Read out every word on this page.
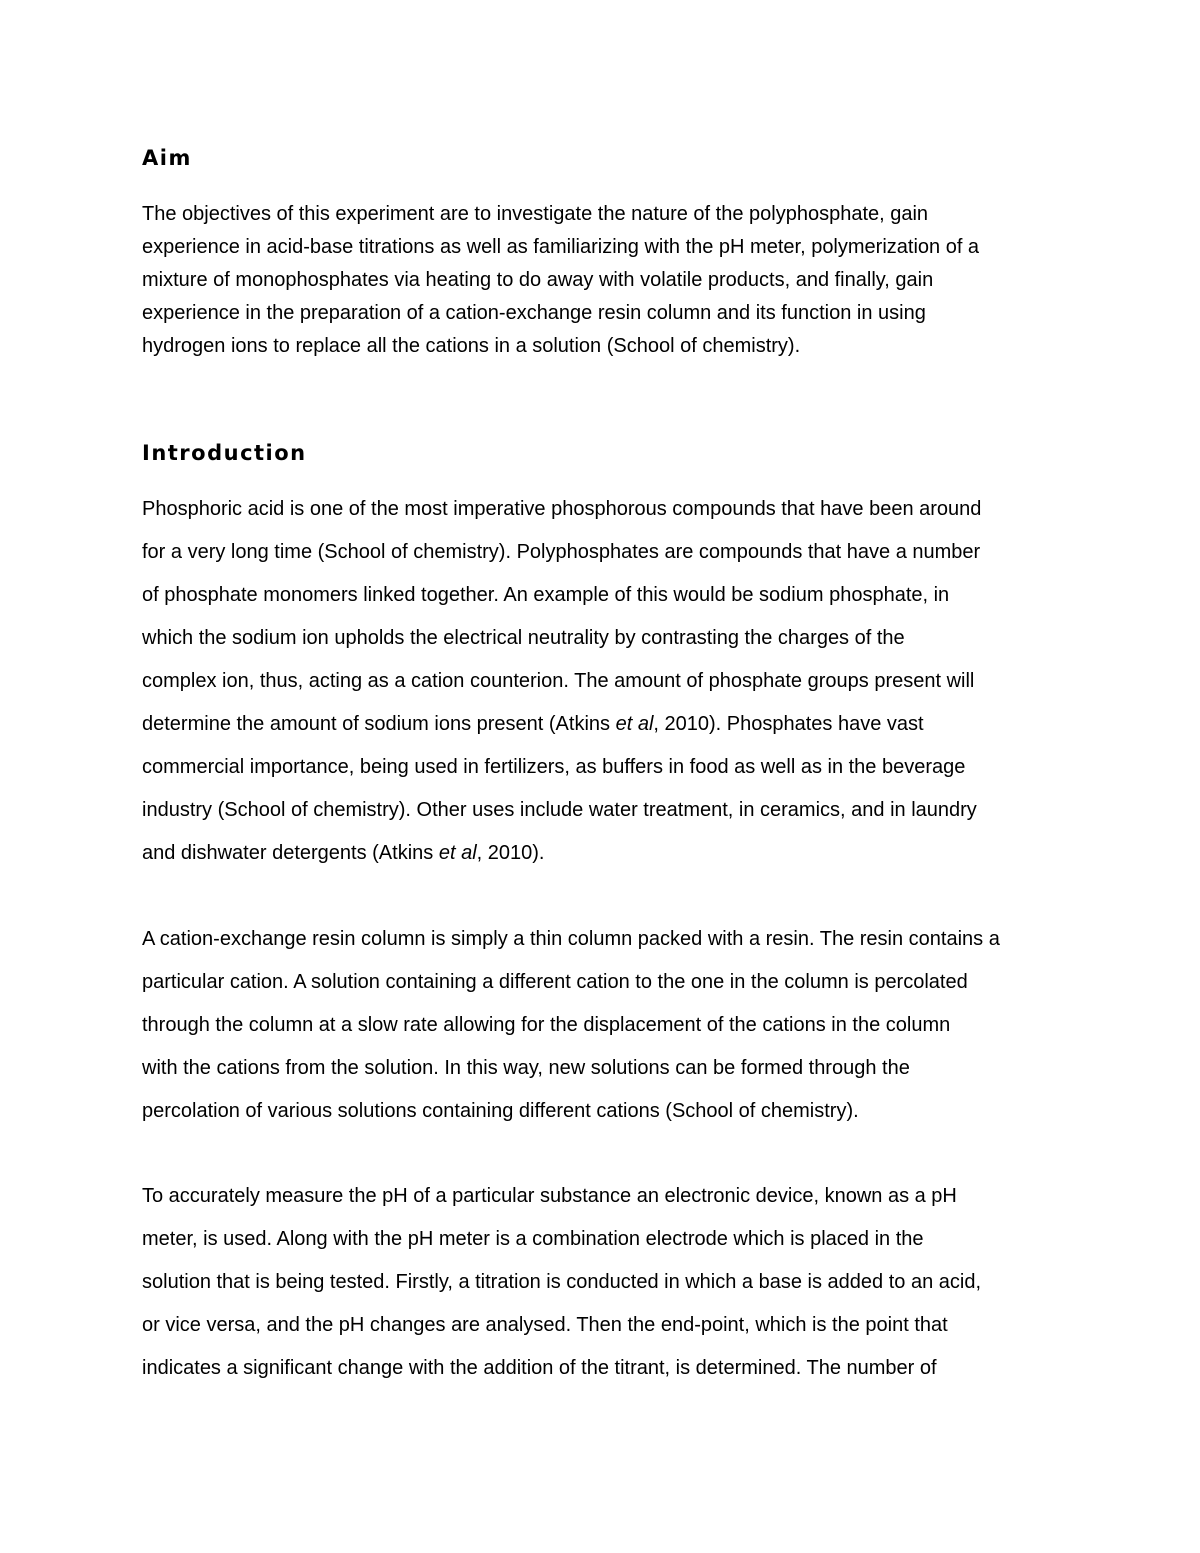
Aim

The objectives of this experiment are to investigate the nature of the polyphosphate, gain
experience in acid-base titrations as well as familiarizing with the pH meter, polymerization of a
mixture of monophosphates via heating to do away with volatile products, and finally, gain
experience in the preparation of a cation-exchange resin column and its function in using
hydrogen ions to replace all the cations in a solution (School of chemistry).

Introduction

Phosphoric acid is one of the most imperative phosphorous compounds that have been around
for a very long time (School of chemistry). Polyphosphates are compounds that have a number
of phosphate monomers linked together. An example of this would be sodium phosphate, in
which the sodium ion upholds the electrical neutrality by contrasting the charges of the
complex ion, thus, acting as a cation counterion. The amount of phosphate groups present will
determine the amount of sodium ions present (Atkins et al, 2010). Phosphates have vast
commercial importance, being used in fertilizers, as buffers in food as well as in the beverage
industry (School of chemistry). Other uses include water treatment, in ceramics, and in laundry
and dishwater detergents (Atkins et al, 2010).

A cation-exchange resin column is simply a thin column packed with a resin. The resin contains a
particular cation. A solution containing a different cation to the one in the column is percolated
through the column at a slow rate allowing for the displacement of the cations in the column
with the cations from the solution. In this way, new solutions can be formed through the
percolation of various solutions containing different cations (School of chemistry).

To accurately measure the pH of a particular substance an electronic device, known as a pH
meter, is used. Along with the pH meter is a combination electrode which is placed in the
solution that is being tested. Firstly, a titration is conducted in which a base is added to an acid,
or vice versa, and the pH changes are analysed. Then the end-point, which is the point that
indicates a significant change with the addition of the titrant, is determined. The number of
